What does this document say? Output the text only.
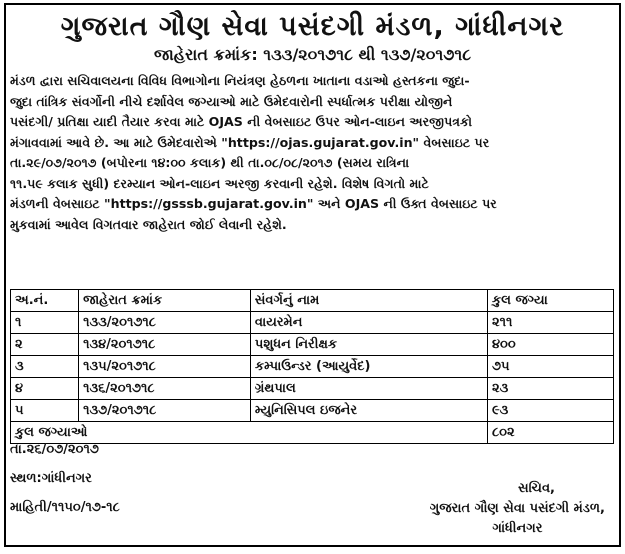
ગુજરાત ગૌણ સેવા પસંદગી મંડળ, ગાંધીનગર
જાહેરાત ક્રમાંક: ૧૩૩/૨૦૧૭૧૮ થી ૧૩૭/૨૦૧૭૧૮
મંડળ દ્વારા સચિવાલયના વિવિધ વિભાગોના નિયંત્રણ હેઠળના ખાતાના વડાઓ હસ્તકના જુદા-
જુદા તાંત્રિક સંવર્ગોની નીચે દર્શાવેલ જગ્યાઓ માટે ઉમેદવારોની સ્પર્ધાત્મક પરીક્ષા યોજીને
પસંદગી/ પ્રતિક્ષા યાદી તૈયાર કરવા માટે OJAS ની વેબસાઇટ ઉપર ઓન-લાઇન અરજીપત્રકો
મંગાવવામાં આવે છે. આ માટે ઉમેદવારોએ "https://ojas.gujarat.gov.in" વેબસાઇટ પર
તા.૨૯/૦૭/૨૦૧૭ (બપોરના ૧૪:૦૦ કલાક) થી તા.૦૮/૦૮/૨૦૧૭ (સમય રાત્રિના
૧૧.૫૯ કલાક સુધી) દરમ્યાન ઓન-લાઇન અરજી કરવાની રહેશે. વિશેષ વિગતો માટે
મંડળની વેબસાઇટ "https://gsssb.gujarat.gov.in" અને OJAS ની ઉક્ત વેબસાઇટ પર
મુકવામાં આવેલ વિગતવાર જાહેરાત જોઈ લેવાની રહેશે.
અ.નં.	જાહેરાત ક્રમાંક	સંવર્ગનું નામ	કુલ જગ્યા
૧	૧૩૩/૨૦૧૭૧૮	વાયરમેન	૨૧૧
૨	૧૩૪/૨૦૧૭૧૮	પશુધન નિરીક્ષક	૪૦૦
૩	૧૩૫/૨૦૧૭૧૮	કમ્પાઉન્ડર (આયુર્વેદ)	૭૫
૪	૧૩૬/૨૦૧૭૧૮	ગ્રંથપાલ	૨૩
૫	૧૩૭/૨૦૧૭૧૮	મ્યુનિસિપલ ઇજનેર	૯૩
કુલ જગ્યાઓ			૮૦૨
તા.૨૬/૦૭/૨૦૧૭
સ્થળ:ગાંધીનગર
માહિતી/૧૧૫૦/૧૭-૧૮
સચિવ,
ગુજરાત ગૌણ સેવા પસંદગી મંડળ,
ગાંધીનગર
